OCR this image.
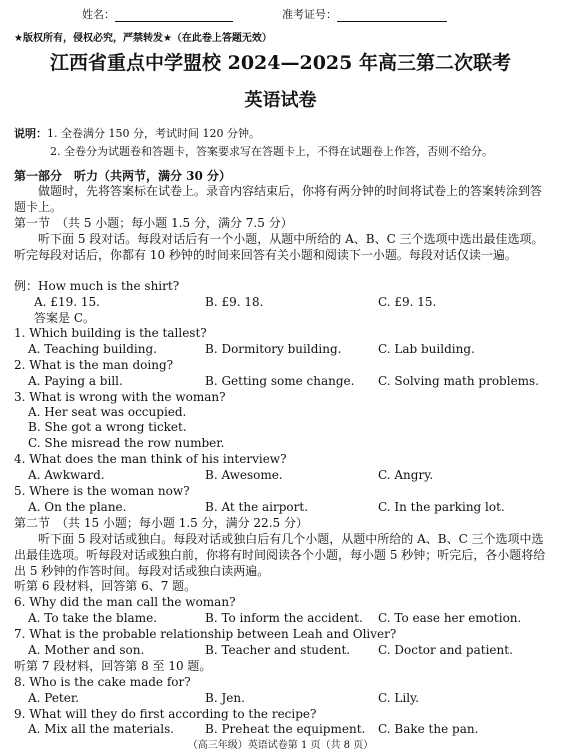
姓名：	准考证号：
★版权所有，侵权必究，严禁转发★（在此卷上答题无效）
江西省重点中学盟校 2024—2025 年高三第二次联考
英语试卷
说明：1. 全卷满分 150 分，考试时间 120 分钟。
2. 全卷分为试题卷和答题卡，答案要求写在答题卡上，不得在试题卷上作答，否则不给分。
第一部分　听力（共两节，满分 30 分）
做题时，先将答案标在试卷上。录音内容结束后，你将有两分钟的时间将试卷上的答案转涂到答题卡上。
第一节　（共 5 小题；每小题 1.5 分，满分 7.5 分）
听下面 5 段对话。每段对话后有一个小题，从题中所给的 A、B、C 三个选项中选出最佳选项。听完每段对话后，你都有 10 秒钟的时间来回答有关小题和阅读下一小题。每段对话仅读一遍。
例：How much is the shirt?
A. £19. 15.	B. £9. 18.	C. £9. 15.
答案是 C。
1. Which building is the tallest?
A. Teaching building.	B. Dormitory building.	C. Lab building.
2. What is the man doing?
A. Paying a bill.	B. Getting some change. C. Solving math problems.
3. What is wrong with the woman?
A. Her seat was occupied.
B. She got a wrong ticket.
C. She misread the row number.
4. What does the man think of his interview?
A. Awkward.	B. Awesome.	C. Angry.
5. Where is the woman now?
A. On the plane.	B. At the airport.	C. In the parking lot.
第二节　（共 15 小题；每小题 1.5 分，满分 22.5 分）
听下面 5 段对话或独白。每段对话或独白后有几个小题，从题中所给的 A、B、C 三个选项中选出最佳选项。听每段对话或独白前，你将有时间阅读各个小题，每小题 5 秒钟；听完后，各小题将给出 5 秒钟的作答时间。每段对话或独白读两遍。
听第 6 段材料，回答第 6、7 题。
6. Why did the man call the woman?
A. To take the blame.	B. To inform the accident. C. To ease her emotion.
7. What is the probable relationship between Leah and Oliver?
A. Mother and son.	B. Teacher and student. C. Doctor and patient.
听第 7 段材料，回答第 8 至 10 题。
8. Who is the cake made for?
A. Peter.	B. Jen.	C. Lily.
9. What will they do first according to the recipe?
A. Mix all the materials.	B. Preheat the equipment. C. Bake the pan.
（高三年级）英语试卷第 1 页（共 8 页）
